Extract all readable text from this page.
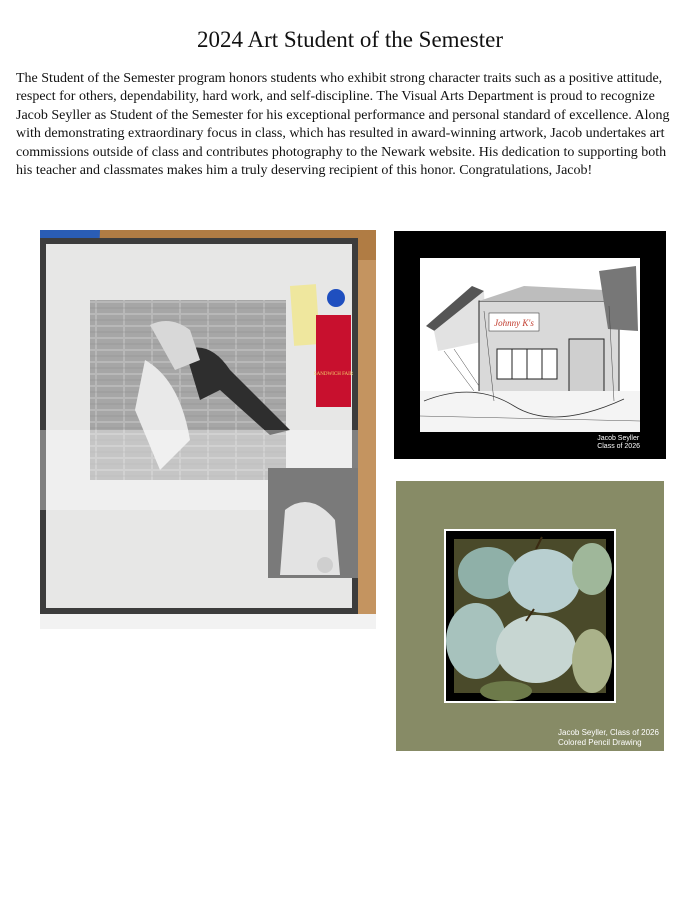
2024 Art Student of the Semester

The Student of the Semester program honors students who exhibit strong character traits such as a positive attitude, respect for others, dependability, hard work, and self-discipline. The Visual Arts Department is proud to recognize Jacob Seyller as Student of the Semester for his exceptional performance and personal standard of excellence. Along with demonstrating extraordinary focus in class, which has resulted in award-winning artwork, Jacob undertakes art commissions outside of class and contributes photography to the Newark website. His dedication to supporting both his teacher and classmates makes him a truly deserving recipient of this honor. Congratulations, Jacob!

SANDWICH FAIR
Johnny K's
Jacob Seyller
Class of 2026
Jacob Seyller, Class of 2026
Colored Pencil Drawing
